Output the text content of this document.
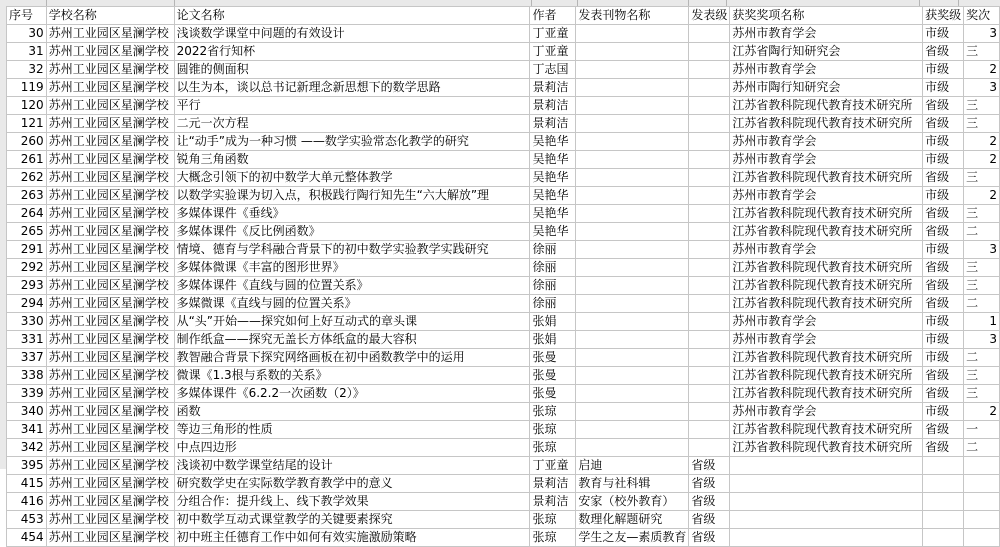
序号	学校名称	论文名称	作者	发表刊物名称	发表级	获奖奖项名称	获奖级	奖次
30	苏州工业园区星澜学校	浅谈数学课堂中问题的有效设计	丁亚童			苏州市教育学会	市级	3
31	苏州工业园区星澜学校	2022省行知杯	丁亚童			江苏省陶行知研究会	省级	三
32	苏州工业园区星澜学校	圆锥的侧面积	丁志国			苏州市教育学会	市级	2
119	苏州工业园区星澜学校	以生为本，谈以总书记新理念新思想下的数学思路	景莉洁			苏州市陶行知研究会	市级	3
120	苏州工业园区星澜学校	平行	景莉洁			江苏省教科院现代教育技术研究所	省级	三
121	苏州工业园区星澜学校	二元一次方程	景莉洁			江苏省教科院现代教育技术研究所	省级	三
260	苏州工业园区星澜学校	让“动手”成为一种习惯 ——数学实验常态化教学的研究	吴艳华			苏州市教育学会	市级	2
261	苏州工业园区星澜学校	锐角三角函数	吴艳华			苏州市教育学会	市级	2
262	苏州工业园区星澜学校	大概念引领下的初中数学大单元整体教学	吴艳华			江苏省教科院现代教育技术研究所	省级	三
263	苏州工业园区星澜学校	以数学实验课为切入点，积极践行陶行知先生“六大解放”理	吴艳华			苏州市教育学会	市级	2
264	苏州工业园区星澜学校	多媒体课件《垂线》	吴艳华			江苏省教科院现代教育技术研究所	省级	三
265	苏州工业园区星澜学校	多媒体课件《反比例函数》	吴艳华			江苏省教科院现代教育技术研究所	省级	二
291	苏州工业园区星澜学校	情境、德育与学科融合背景下的初中数学实验教学实践研究	徐丽			苏州市教育学会	市级	3
292	苏州工业园区星澜学校	多媒体微课《丰富的图形世界》	徐丽			江苏省教科院现代教育技术研究所	省级	三
293	苏州工业园区星澜学校	多媒体课件《直线与圆的位置关系》	徐丽			江苏省教科院现代教育技术研究所	省级	三
294	苏州工业园区星澜学校	多媒微课《直线与圆的位置关系》	徐丽			江苏省教科院现代教育技术研究所	省级	二
330	苏州工业园区星澜学校	从“头”开始——探究如何上好互动式的章头课	张娟			苏州市教育学会	市级	1
331	苏州工业园区星澜学校	制作纸盒——探究无盖长方体纸盒的最大容积	张娟			苏州市教育学会	市级	3
337	苏州工业园区星澜学校	教智融合背景下探究网络画板在初中函数教学中的运用	张曼			江苏省教科院现代教育技术研究所	市级	二
338	苏州工业园区星澜学校	微课《1.3根与系数的关系》	张曼			江苏省教科院现代教育技术研究所	省级	三
339	苏州工业园区星澜学校	多媒体课件《6.2.2一次函数（2）》	张曼			江苏省教科院现代教育技术研究所	省级	三
340	苏州工业园区星澜学校	函数	张琼			苏州市教育学会	市级	2
341	苏州工业园区星澜学校	等边三角形的性质	张琼			江苏省教科院现代教育技术研究所	省级	一
342	苏州工业园区星澜学校	中点四边形	张琼			江苏省教科院现代教育技术研究所	省级	二
395	苏州工业园区星澜学校	浅谈初中数学课堂结尾的设计	丁亚童	启迪	省级			
415	苏州工业园区星澜学校	研究数学史在实际数学教育教学中的意义	景莉洁	教育与社科辑	省级			
416	苏州工业园区星澜学校	分组合作：提升线上、线下教学效果	景莉洁	安家（校外教育）	省级			
453	苏州工业园区星澜学校	初中数学互动式课堂教学的关键要素探究	张琼	数理化解题研究	省级			
454	苏州工业园区星澜学校	初中班主任德育工作中如何有效实施激励策略	张琼	学生之友—素质教育	省级			
